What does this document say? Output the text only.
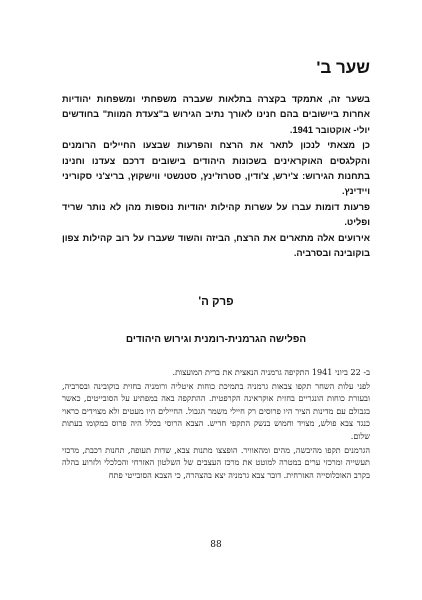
שער ב'

בשער זה, אתמקד בקצרה בתלאות שעברה משפחתי ומשפחות יהודיות אחרות ביישובים בהם חנינו לאורך נתיב הגירוש ב"צעדת המוות" בחודשים יולי- אוקטובר 1941.

כן מצאתי לנכון לתאר את הרצח והפרעות שבצעו החיילים הרומנים והקלגסים האוקראינים בשכונות היהודים בישובים דרכם צעדנו וחנינו בתחנות הגירוש: צ'ירש, צ'ודין, סטרוז'ינץ, סטנשטי ווישקוץ, בריצ'ני סקוריני ויידינץ.

פרעות דומות עברו על עשרות קהילות יהודיות נוספות מהן לא נותר שריד ופליט.

אירועים אלה מתארים את הרצח, הביזה והשוד שעברו על רוב קהילות צפון בוקובינה ובסרביה.

פרק ה'
הפלישה הגרמנית-רומנית וגירוש היהודים

ב- 22 ביוני 1941 התקיפה גרמניה הנאצית את ברית המועצות.

לפני עלות השחר תקפו צבאות גרמניה בתמיכת כוחות איטליה ורומניה בחזית בוקובינה ובסרביה, ובעזרת כוחות הונגריים בחזית אוקראינה הקרפטית. ההתקפה באה במפתיע על הסובייטים, כאשר בגבולם עם מדינות הציר היו פרוסים רק חיילי משמר הגבול. החיילים היו מעטים ולא מצוידים כראוי כנגד צבא פולש, מצויד וחמוש בנשק התקפי חדיש. הצבא הרוסי בכלל היה פרוס במקומו בעתות שלום.

הגרמנים תקפו מהיבשה, מהים ומהאוויר. הופצצו מתנות צבא, שדות תעופה, תחנות רכבת, מרכזי תעשייה ומרכזי ערים במטרה למוטט את מרכז העצבים של השלטון האזרחי והכלכלי ולזרוע בהלה בקרב האוכלוסייה האזרחית. דובר צבא גרמניה יצא בהצהרה, כי הצבא הסובייטי פתח

88
